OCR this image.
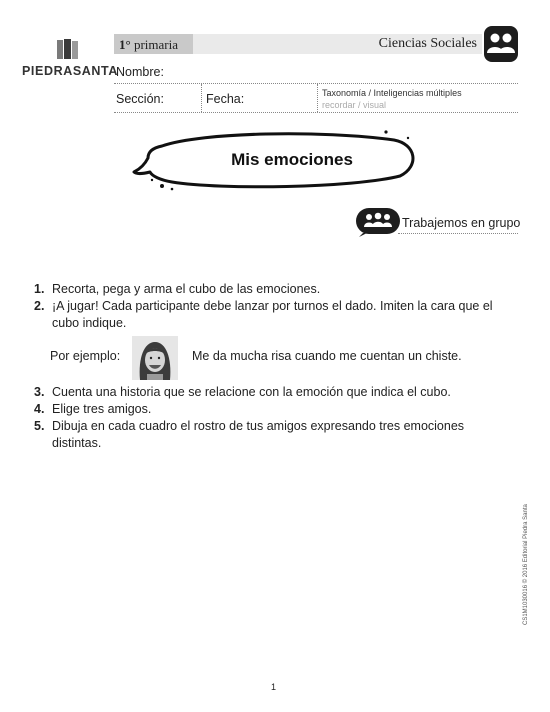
PIEDRASANTA
1° primaria	Ciencias Sociales
Nombre:
Sección:	Fecha:	Taxonomía / Inteligencias múltiples
recordar / visual
Mis emociones
Trabajemos en grupo
1. Recorta, pega y arma el cubo de las emociones.
2. ¡A jugar! Cada participante debe lanzar por turnos el dado. Imiten la cara que el cubo indique.
Por ejemplo:	Me da mucha risa cuando me cuentan un chiste.
3. Cuenta una historia que se relacione con la emoción que indica el cubo.
4. Elige tres amigos.
5. Dibuja en cada cuadro el rostro de tus amigos expresando tres emociones distintas.
CS1M1030016 © 2016 Editorial Piedra Santa
1
